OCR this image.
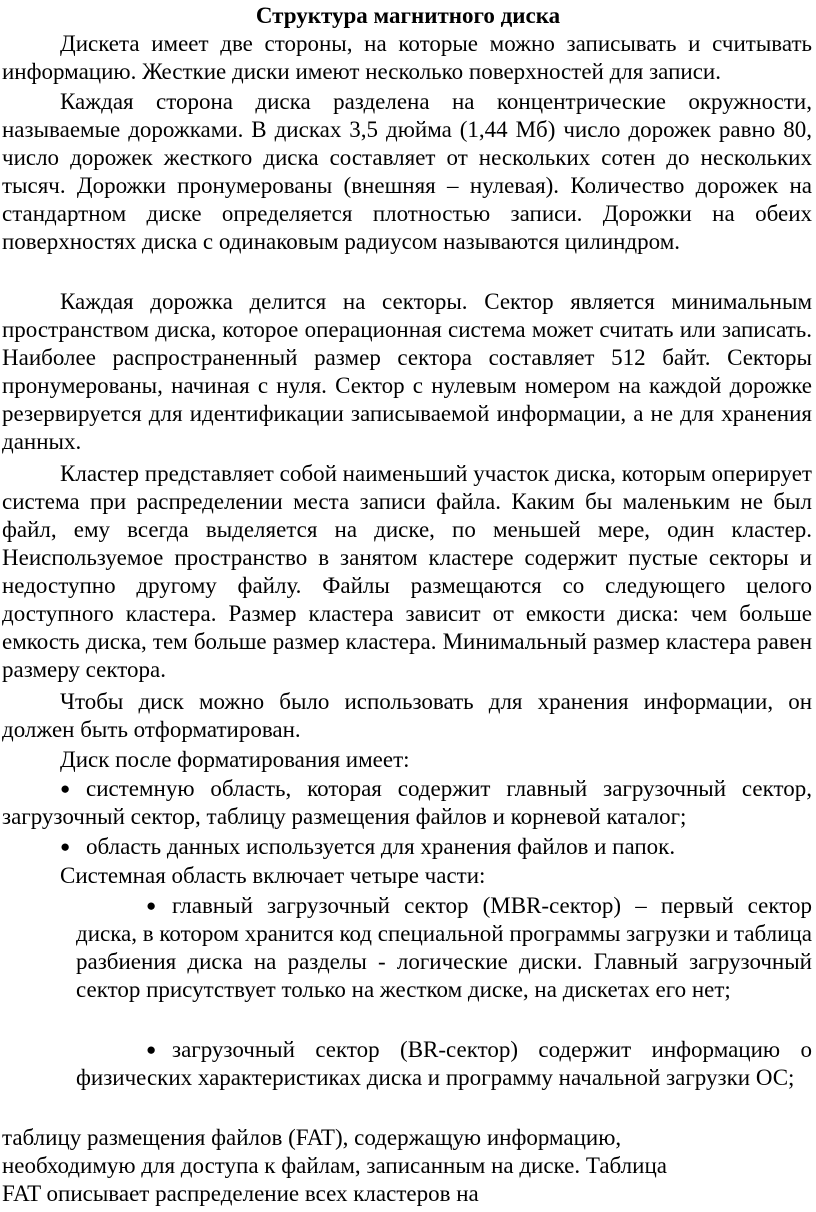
Структура магнитного диска

Дискета имеет две стороны, на которые можно записывать и считывать информацию. Жесткие диски имеют несколько поверхностей для записи.

Каждая сторона диска разделена на концентрические окружности, называемые дорожками. В дисках 3,5 дюйма (1,44 Мб) число дорожек равно 80, число дорожек жесткого диска составляет от нескольких сотен до нескольких тысяч. Дорожки пронумерованы (внешняя – нулевая). Количество дорожек на стандартном диске определяется плотностью записи. Дорожки на обеих поверхностях диска с одинаковым радиусом называются цилиндром.

Каждая дорожка делится на секторы. Сектор является минимальным пространством диска, которое операционная система может считать или записать. Наиболее распространенный размер сектора составляет 512 байт. Секторы пронумерованы, начиная с нуля. Сектор с нулевым номером на каждой дорожке резервируется для идентификации записываемой информации, а не для хранения данных.

Кластер представляет собой наименьший участок диска, которым оперирует система при распределении места записи файла. Каким бы маленьким не был файл, ему всегда выделяется на диске, по меньшей мере, один кластер. Неиспользуемое пространство в занятом кластере содержит пустые секторы и недоступно другому файлу. Файлы размещаются со следующего целого доступного кластера. Размер кластера зависит от емкости диска: чем больше емкость диска, тем больше размер кластера. Минимальный размер кластера равен размеру сектора.

Чтобы диск можно было использовать для хранения информации, он должен быть отформатирован.

Диск после форматирования имеет:

● системную область, которая содержит главный загрузочный сектор, загрузочный сектор, таблицу размещения файлов и корневой каталог;

● область данных используется для хранения файлов и папок.

Системная область включает четыре части:

● главный загрузочный сектор (MBR-сектор) – первый сектор диска, в котором хранится код специальной программы загрузки и таблица разбиения диска на разделы - логические диски. Главный загрузочный сектор присутствует только на жестком диске, на дискетах его нет;

● загрузочный сектор (BR-сектор) содержит информацию о физических характеристиках диска и программу начальной загрузки ОС;

таблицу размещения файлов (FAT), содержащую информацию, необходимую для доступа к файлам, записанным на диске. Таблица FAT описывает распределение всех кластеров на
